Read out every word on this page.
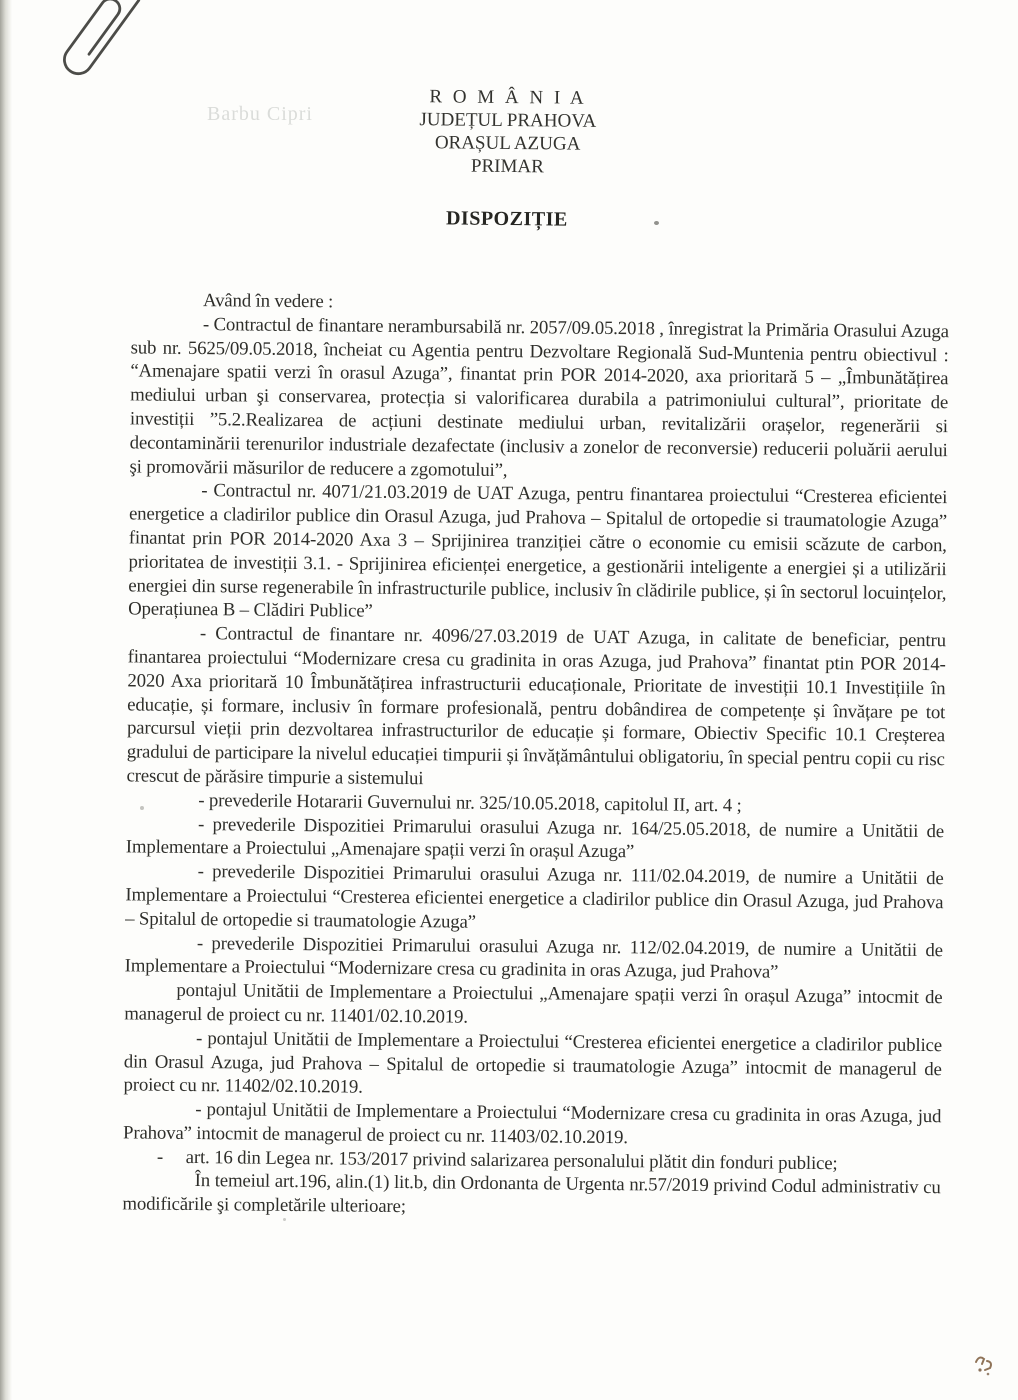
Barbu Cipri
R O M Â N I A
JUDEȚUL PRAHOVA
ORAȘUL AZUGA
PRIMAR
DISPOZIȚIE

Având în vedere :

- Contractul de finantare nerambursabilă nr. 2057/09.05.2018 , înregistrat la Primăria Orasului Azuga sub nr. 5625/09.05.2018, încheiat cu Agentia pentru Dezvoltare Regională Sud-Muntenia pentru obiectivul : “Amenajare spatii verzi în orasul Azuga”, finantat prin POR 2014-2020, axa prioritară 5 – „Îmbunătățirea mediului urban şi conservarea, protecția si valorificarea durabila a patrimoniului cultural”, prioritate de investiții ”5.2.Realizarea de acțiuni destinate mediului urban, revitalizării orașelor, regenerării si decontaminării terenurilor industriale dezafectate (inclusiv a zonelor de reconversie) reducerii poluării aerului şi promovării măsurilor de reducere a zgomotului”,

- Contractul nr. 4071/21.03.2019 de UAT Azuga, pentru finantarea proiectului “Cresterea eficientei energetice a cladirilor publice din Orasul Azuga, jud Prahova – Spitalul de ortopedie si traumatologie Azuga” finantat prin POR 2014-2020 Axa 3 – Sprijinirea tranziției către o economie cu emisii scăzute de carbon, prioritatea de investiții 3.1. - Sprijinirea eficienței energetice, a gestionării inteligente a energiei și a utilizării energiei din surse regenerabile în infrastructurile publice, inclusiv în clădirile publice, și în sectorul locuințelor, Operațiunea B – Clădiri Publice”

- Contractul de finantare nr. 4096/27.03.2019 de UAT Azuga, in calitate de beneficiar, pentru finantarea proiectului “Modernizare cresa cu gradinita in oras Azuga, jud Prahova” finantat ptin POR 2014-2020 Axa prioritară 10 Îmbunătățirea infrastructurii educaționale, Prioritate de investiții 10.1 Investițiile în educație, și formare, inclusiv în formare profesională, pentru dobândirea de competențe și învățare pe tot parcursul vieții prin dezvoltarea infrastructurilor de educație și formare, Obiectiv Specific 10.1 Creșterea gradului de participare la nivelul educației timpurii și învățământului obligatoriu, în special pentru copii cu risc crescut de părăsire timpurie a sistemului

- prevederile Hotararii Guvernului nr. 325/10.05.2018, capitolul II, art. 4 ;

- prevederile Dispozitiei Primarului orasului Azuga nr. 164/25.05.2018, de numire a Unitătii de Implementare a Proiectului „Amenajare spații verzi în orașul Azuga”

- prevederile Dispozitiei Primarului orasului Azuga nr. 111/02.04.2019, de numire a Unitătii de Implementare a Proiectului “Cresterea eficientei energetice a cladirilor publice din Orasul Azuga, jud Prahova – Spitalul de ortopedie si traumatologie Azuga”

- prevederile Dispozitiei Primarului orasului Azuga nr. 112/02.04.2019, de numire a Unitătii de Implementare a Proiectului “Modernizare cresa cu gradinita in oras Azuga, jud Prahova”

pontajul Unitătii de Implementare a Proiectului „Amenajare spații verzi în orașul Azuga” intocmit de managerul de proiect cu nr. 11401/02.10.2019.

- pontajul Unitătii de Implementare a Proiectului “Cresterea eficientei energetice a cladirilor publice din Orasul Azuga, jud Prahova – Spitalul de ortopedie si traumatologie Azuga” intocmit de managerul de proiect cu nr. 11402/02.10.2019.

- pontajul Unitătii de Implementare a Proiectului “Modernizare cresa cu gradinita in oras Azuga, jud Prahova” intocmit de managerul de proiect cu nr. 11403/02.10.2019.

-     art. 16 din Legea nr. 153/2017 privind salarizarea personalului plătit din fonduri publice;

În temeiul art.196, alin.(1) lit.b, din Ordonanta de Urgenta nr.57/2019 privind Codul administrativ cu modificările şi completările ulterioare;
